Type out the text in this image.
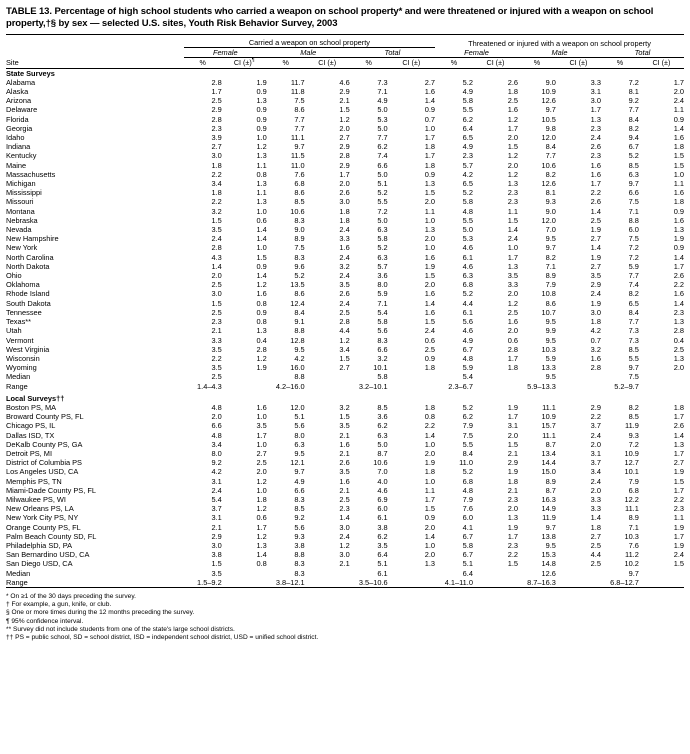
TABLE 13. Percentage of high school students who carried a weapon on school property* and were threatened or injured with a weapon on school property,†§ by sex — selected U.S. sites, Youth Risk Behavior Survey, 2003

	Carried a weapon on school property						Threatened or injured with a weapon on school property					
	Female		Male		Total		Female		Male		Total	
Site	%	CI (±)¶	%	CI (±)	%	CI (±)	%	CI (±)	%	CI (±)	%	CI (±)
State Surveys												
Alabama	2.8	1.9	11.7	4.6	7.3	2.7	5.2	2.6	9.0	3.3	7.2	1.7
Alaska	1.7	0.9	11.8	2.9	7.1	1.6	4.9	1.8	10.9	3.1	8.1	2.0
Arizona	2.5	1.3	7.5	2.1	4.9	1.4	5.8	2.5	12.6	3.0	9.2	2.4
Delaware	2.9	0.9	8.6	1.5	5.0	0.9	5.5	1.6	9.7	1.7	7.7	1.1
Florida	2.8	0.9	7.7	1.2	5.3	0.7	6.2	1.2	10.5	1.3	8.4	0.9
Georgia	2.3	0.9	7.7	2.0	5.0	1.0	6.4	1.7	9.8	2.3	8.2	1.4
Idaho	3.9	1.0	11.1	2.7	7.7	1.7	6.5	2.0	12.0	2.4	9.4	1.6
Indiana	2.7	1.2	9.7	2.9	6.2	1.8	4.9	1.5	8.4	2.6	6.7	1.8
Kentucky	3.0	1.3	11.5	2.8	7.4	1.7	2.3	1.2	7.7	2.3	5.2	1.5
Maine	1.8	1.1	11.0	2.9	6.6	1.8	5.7	2.0	10.6	1.6	8.5	1.5
Massachusetts	2.2	0.8	7.6	1.7	5.0	0.9	4.2	1.2	8.2	1.6	6.3	1.0
Michigan	3.4	1.3	6.8	2.0	5.1	1.3	6.5	1.3	12.6	1.7	9.7	1.1
Mississippi	1.8	1.1	8.6	2.6	5.2	1.5	5.2	2.3	8.1	2.2	6.6	1.6
Missouri	2.2	1.3	8.5	3.0	5.5	2.0	5.8	2.3	9.3	2.6	7.5	1.8
Montana	3.2	1.0	10.6	1.8	7.2	1.1	4.8	1.1	9.0	1.4	7.1	0.9
Nebraska	1.5	0.6	8.3	1.8	5.0	1.0	5.5	1.5	12.0	2.5	8.8	1.6
Nevada	3.5	1.4	9.0	2.4	6.3	1.3	5.0	1.4	7.0	1.9	6.0	1.3
New Hampshire	2.4	1.4	8.9	3.3	5.8	2.0	5.3	2.4	9.5	2.7	7.5	1.9
New York	2.8	1.0	7.5	1.6	5.2	1.0	4.6	1.0	9.7	1.4	7.2	0.9
North Carolina	4.3	1.5	8.3	2.4	6.3	1.6	6.1	1.7	8.2	1.9	7.2	1.4
North Dakota	1.4	0.9	9.6	3.2	5.7	1.9	4.6	1.3	7.1	2.7	5.9	1.7
Ohio	2.0	1.4	5.2	2.4	3.6	1.5	6.3	3.5	8.9	3.5	7.7	2.6
Oklahoma	2.5	1.2	13.5	3.5	8.0	2.0	6.8	3.3	7.9	2.9	7.4	2.2
Rhode Island	3.0	1.6	8.6	2.6	5.9	1.6	5.2	2.0	10.8	2.4	8.2	1.6
South Dakota	1.5	0.8	12.4	2.4	7.1	1.4	4.4	1.2	8.6	1.9	6.5	1.4
Tennessee	2.5	0.9	8.4	2.5	5.4	1.6	6.1	2.5	10.7	3.0	8.4	2.3
Texas**	2.3	0.8	9.1	2.8	5.8	1.5	5.6	1.6	9.5	1.8	7.7	1.3
Utah	2.1	1.3	8.8	4.4	5.6	2.4	4.6	2.0	9.9	4.2	7.3	2.8
Vermont	3.3	0.4	12.8	1.2	8.3	0.6	4.9	0.6	9.5	0.7	7.3	0.4
West Virginia	3.5	2.8	9.5	3.4	6.6	2.5	6.7	2.8	10.3	3.2	8.5	2.5
Wisconsin	2.2	1.2	4.2	1.5	3.2	0.9	4.8	1.7	5.9	1.6	5.5	1.3
Wyoming	3.5	1.9	16.0	2.7	10.1	1.8	5.9	1.8	13.3	2.8	9.7	2.0
Median	2.5		8.8		5.8		5.4		9.5		7.5	
Range	1.4–4.3		4.2–16.0		3.2–10.1		2.3–6.7		5.9–13.3		5.2–9.7	

Local Surveys††												
Boston PS, MA	4.8	1.6	12.0	3.2	8.5	1.8	5.2	1.9	11.1	2.9	8.2	1.8
Broward County PS, FL	2.0	1.0	5.1	1.5	3.6	0.8	6.2	1.7	10.9	2.2	8.5	1.7
Chicago PS, IL	6.6	3.5	5.6	3.5	6.2	2.2	7.9	3.1	15.7	3.7	11.9	2.6
Dallas ISD, TX	4.8	1.7	8.0	2.1	6.3	1.4	7.5	2.0	11.1	2.4	9.3	1.4
DeKalb County PS, GA	3.4	1.0	6.3	1.6	5.0	1.0	5.5	1.5	8.7	2.0	7.2	1.3
Detroit PS, MI	8.0	2.7	9.5	2.1	8.7	2.0	8.4	2.1	13.4	3.1	10.9	1.7
District of Columbia PS	9.2	2.5	12.1	2.6	10.6	1.9	11.0	2.9	14.4	3.7	12.7	2.7
Los Angeles USD, CA	4.2	2.0	9.7	3.5	7.0	1.8	5.2	1.9	15.0	3.4	10.1	1.9
Memphis PS, TN	3.1	1.2	4.9	1.6	4.0	1.0	6.8	1.8	8.9	2.4	7.9	1.5
Miami-Dade County PS, FL	2.4	1.0	6.6	2.1	4.6	1.1	4.8	2.1	8.7	2.0	6.8	1.7
Milwaukee PS, WI	5.4	1.8	8.3	2.5	6.9	1.7	7.9	2.3	16.3	3.3	12.2	2.2
New Orleans PS, LA	3.7	1.2	8.5	2.3	6.0	1.5	7.6	2.0	14.9	3.3	11.1	2.3
New York City PS, NY	3.1	0.6	9.2	1.4	6.1	0.9	6.0	1.3	11.9	1.4	8.9	1.1
Orange County PS, FL	2.1	1.7	5.6	3.0	3.8	2.0	4.1	1.9	9.7	1.8	7.1	1.9
Palm Beach County SD, FL	2.9	1.2	9.3	2.4	6.2	1.4	6.7	1.7	13.8	2.7	10.3	1.7
Philadelphia SD, PA	3.0	1.3	3.8	1.2	3.5	1.0	5.8	2.3	9.5	2.5	7.6	1.9
San Bernardino USD, CA	3.8	1.4	8.8	3.0	6.4	2.0	6.7	2.2	15.3	4.4	11.2	2.4
San Diego USD, CA	1.5	0.8	8.3	2.1	5.1	1.3	5.1	1.5	14.8	2.5	10.2	1.5
Median	3.5		8.3		6.1		6.4		12.6		9.7	
Range	1.5–9.2		3.8–12.1		3.5–10.6		4.1–11.0		8.7–16.3		6.8–12.7	

* On ≥1 of the 30 days preceding the survey.
† For example, a gun, knife, or club.
§ One or more times during the 12 months preceding the survey.
¶ 95% confidence interval.
** Survey did not include students from one of the state's large school districts.
†† PS = public school, SD = school district, ISD = independent school district, USD = unified school district.
